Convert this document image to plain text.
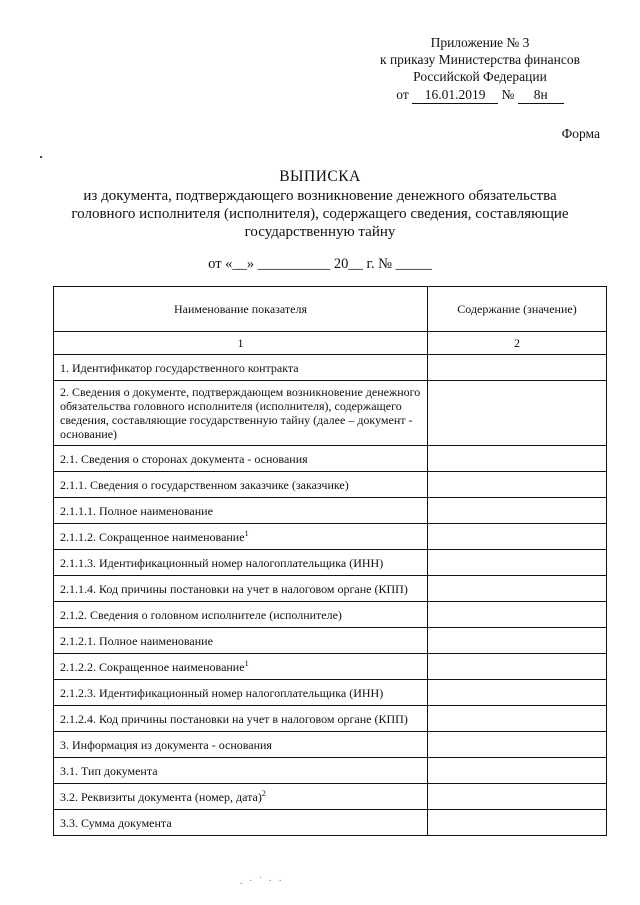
Приложение № 3
к приказу Министерства финансов
Российской Федерации
от 16.01.2019 № 8н
Форма
ВЫПИСКА
из документа, подтверждающего возникновение денежного обязательства головного исполнителя (исполнителя), содержащего сведения, составляющие государственную тайну
от «__» __________ 20__ г. № _____
Наименование показателя	Содержание (значение)
1	2
1. Идентификатор государственного контракта	
2. Сведения о документе, подтверждающем возникновение денежного обязательства головного исполнителя (исполнителя), содержащего сведения, составляющие государственную тайну (далее – документ - основание)	
2.1. Сведения о сторонах документа - основания	
2.1.1. Сведения о государственном заказчике (заказчике)	
2.1.1.1. Полное наименование	
2.1.1.2. Сокращенное наименование$^1$	
2.1.1.3. Идентификационный номер налогоплательщика (ИНН)	
2.1.1.4. Код причины постановки на учет в налоговом органе (КПП)	
2.1.2. Сведения о головном исполнителе (исполнителе)	
2.1.2.1. Полное наименование	
2.1.2.2. Сокращенное наименование$^1$	
2.1.2.3. Идентификационный номер налогоплательщика (ИНН)	
2.1.2.4. Код причины постановки на учет в налоговом органе (КПП)	
3. Информация из документа - основания	
3.1. Тип документа	
3.2. Реквизиты документа (номер, дата)$^2$	
3.3. Сумма документа	
. · ˙ · ·
